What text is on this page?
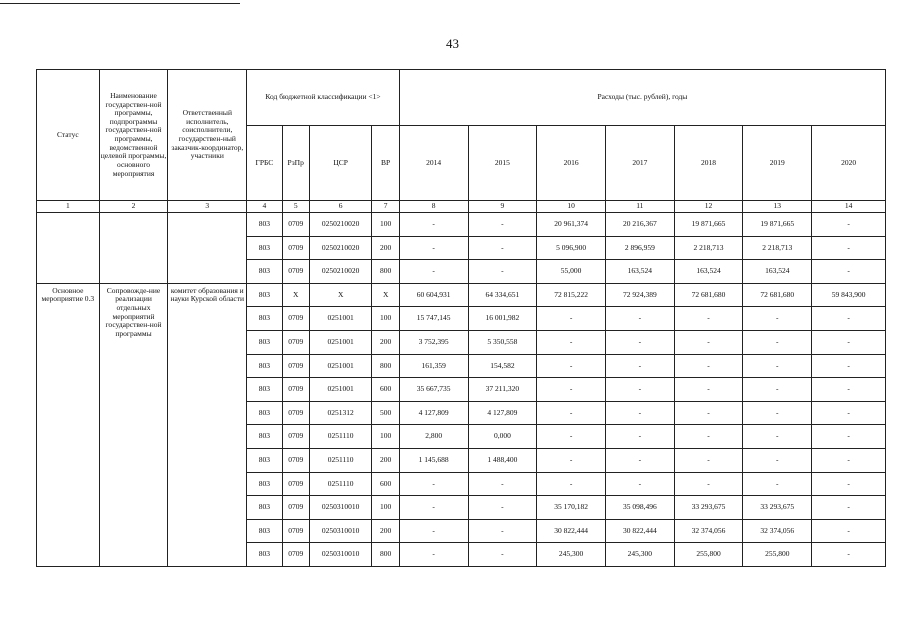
43
Статус	Наименование государствен-ной программы, подпрограммы государствен-ной программы, ведомственной целевой программы, основного мероприятия	Ответственный исполнитель, соисполнители, государствен-ный заказчик-координатор, участники	Код бюджетной классификации <1>				Расходы (тыс. рублей), годы						
			ГРБС	РзПр	ЦСР	ВР	2014	2015	2016	2017	2018	2019	2020
1	2	3	4	5	6	7	8	9	10	11	12	13	14
			803	0709	0250210020	100	-	-	20 961,374	20 216,367	19 871,665	19 871,665	-
			803	0709	0250210020	200	-	-	5 096,900	2 896,959	2 218,713	2 218,713	-
			803	0709	0250210020	800	-	-	55,000	163,524	163,524	163,524	-
Основное мероприятие 0.3	Сопровожде-ние реализации отдельных мероприятий государствен-ной программы	комитет образования и науки Курской области	803	Х	Х	Х	60 604,931	64 334,651	72 815,222	72 924,389	72 681,680	72 681,680	59 843,900
			803	0709	0251001	100	15 747,145	16 001,982	-	-	-	-	-
			803	0709	0251001	200	3 752,395	5 350,558	-	-	-	-	-
			803	0709	0251001	800	161,359	154,582	-	-	-	-	-
			803	0709	0251001	600	35 667,735	37 211,320	-	-	-	-	-
			803	0709	0251312	500	4 127,809	4 127,809	-	-	-	-	-
			803	0709	0251110	100	2,800	0,000	-	-	-	-	-
			803	0709	0251110	200	1 145,688	1 488,400	-	-	-	-	-
			803	0709	0251110	600	-	-	-	-	-	-	-
			803	0709	0250310010	100	-	-	35 170,182	35 098,496	33 293,675	33 293,675	-
			803	0709	0250310010	200	-	-	30 822,444	30 822,444	32 374,056	32 374,056	-
			803	0709	0250310010	800	-	-	245,300	245,300	255,800	255,800	-
